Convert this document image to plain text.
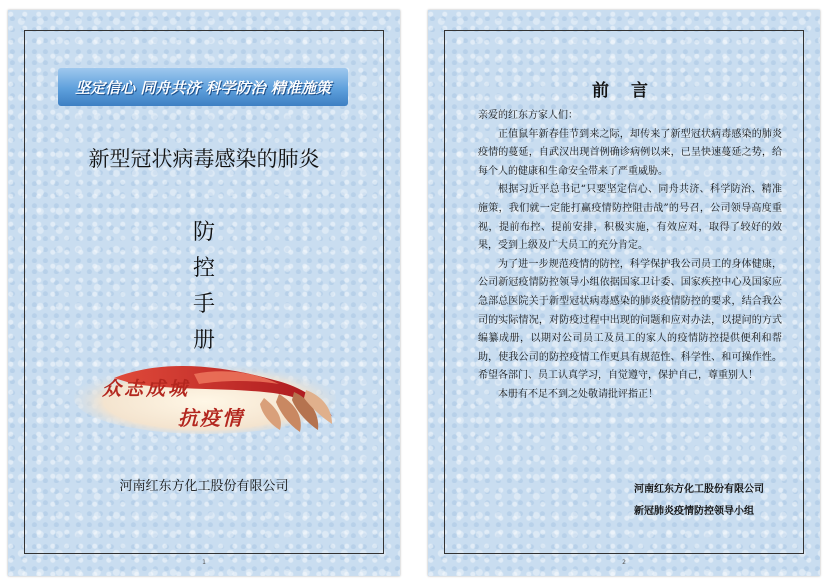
坚定信心 同舟共济 科学防治 精准施策
新型冠状病毒感染的肺炎
防
控
手
册
众志成城
抗疫情
河南红东方化工股份有限公司
1
前 言

亲爱的红东方家人们：

正值鼠年新春佳节到来之际，却传来了新型冠状病毒感染的肺炎疫情的蔓延，自武汉出现首例确诊病例以来，已呈快速蔓延之势，给每个人的健康和生命安全带来了严重威胁。

根据习近平总书记“只要坚定信心、同舟共济、科学防治、精准施策，我们就一定能打赢疫情防控阻击战”的号召，公司领导高度重视，提前布控、提前安排，积极实施，有效应对，取得了较好的效果，受到上级及广大员工的充分肯定。

为了进一步规范疫情的防控，科学保护我公司员工的身体健康，公司新冠疫情防控领导小组依据国家卫计委、国家疾控中心及国家应急部总医院关于新型冠状病毒感染的肺炎疫情防控的要求，结合我公司的实际情况，对防疫过程中出现的问题和应对办法，以提问的方式编纂成册，以期对公司员工及员工的家人的疫情防控提供便利和帮助，使我公司的防控疫情工作更具有规范性、科学性、和可操作性。希望各部门、员工认真学习，自觉遵守，保护自己，尊重别人！

本册有不足不到之处敬请批评指正！

河南红东方化工股份有限公司
新冠肺炎疫情防控领导小组
2
